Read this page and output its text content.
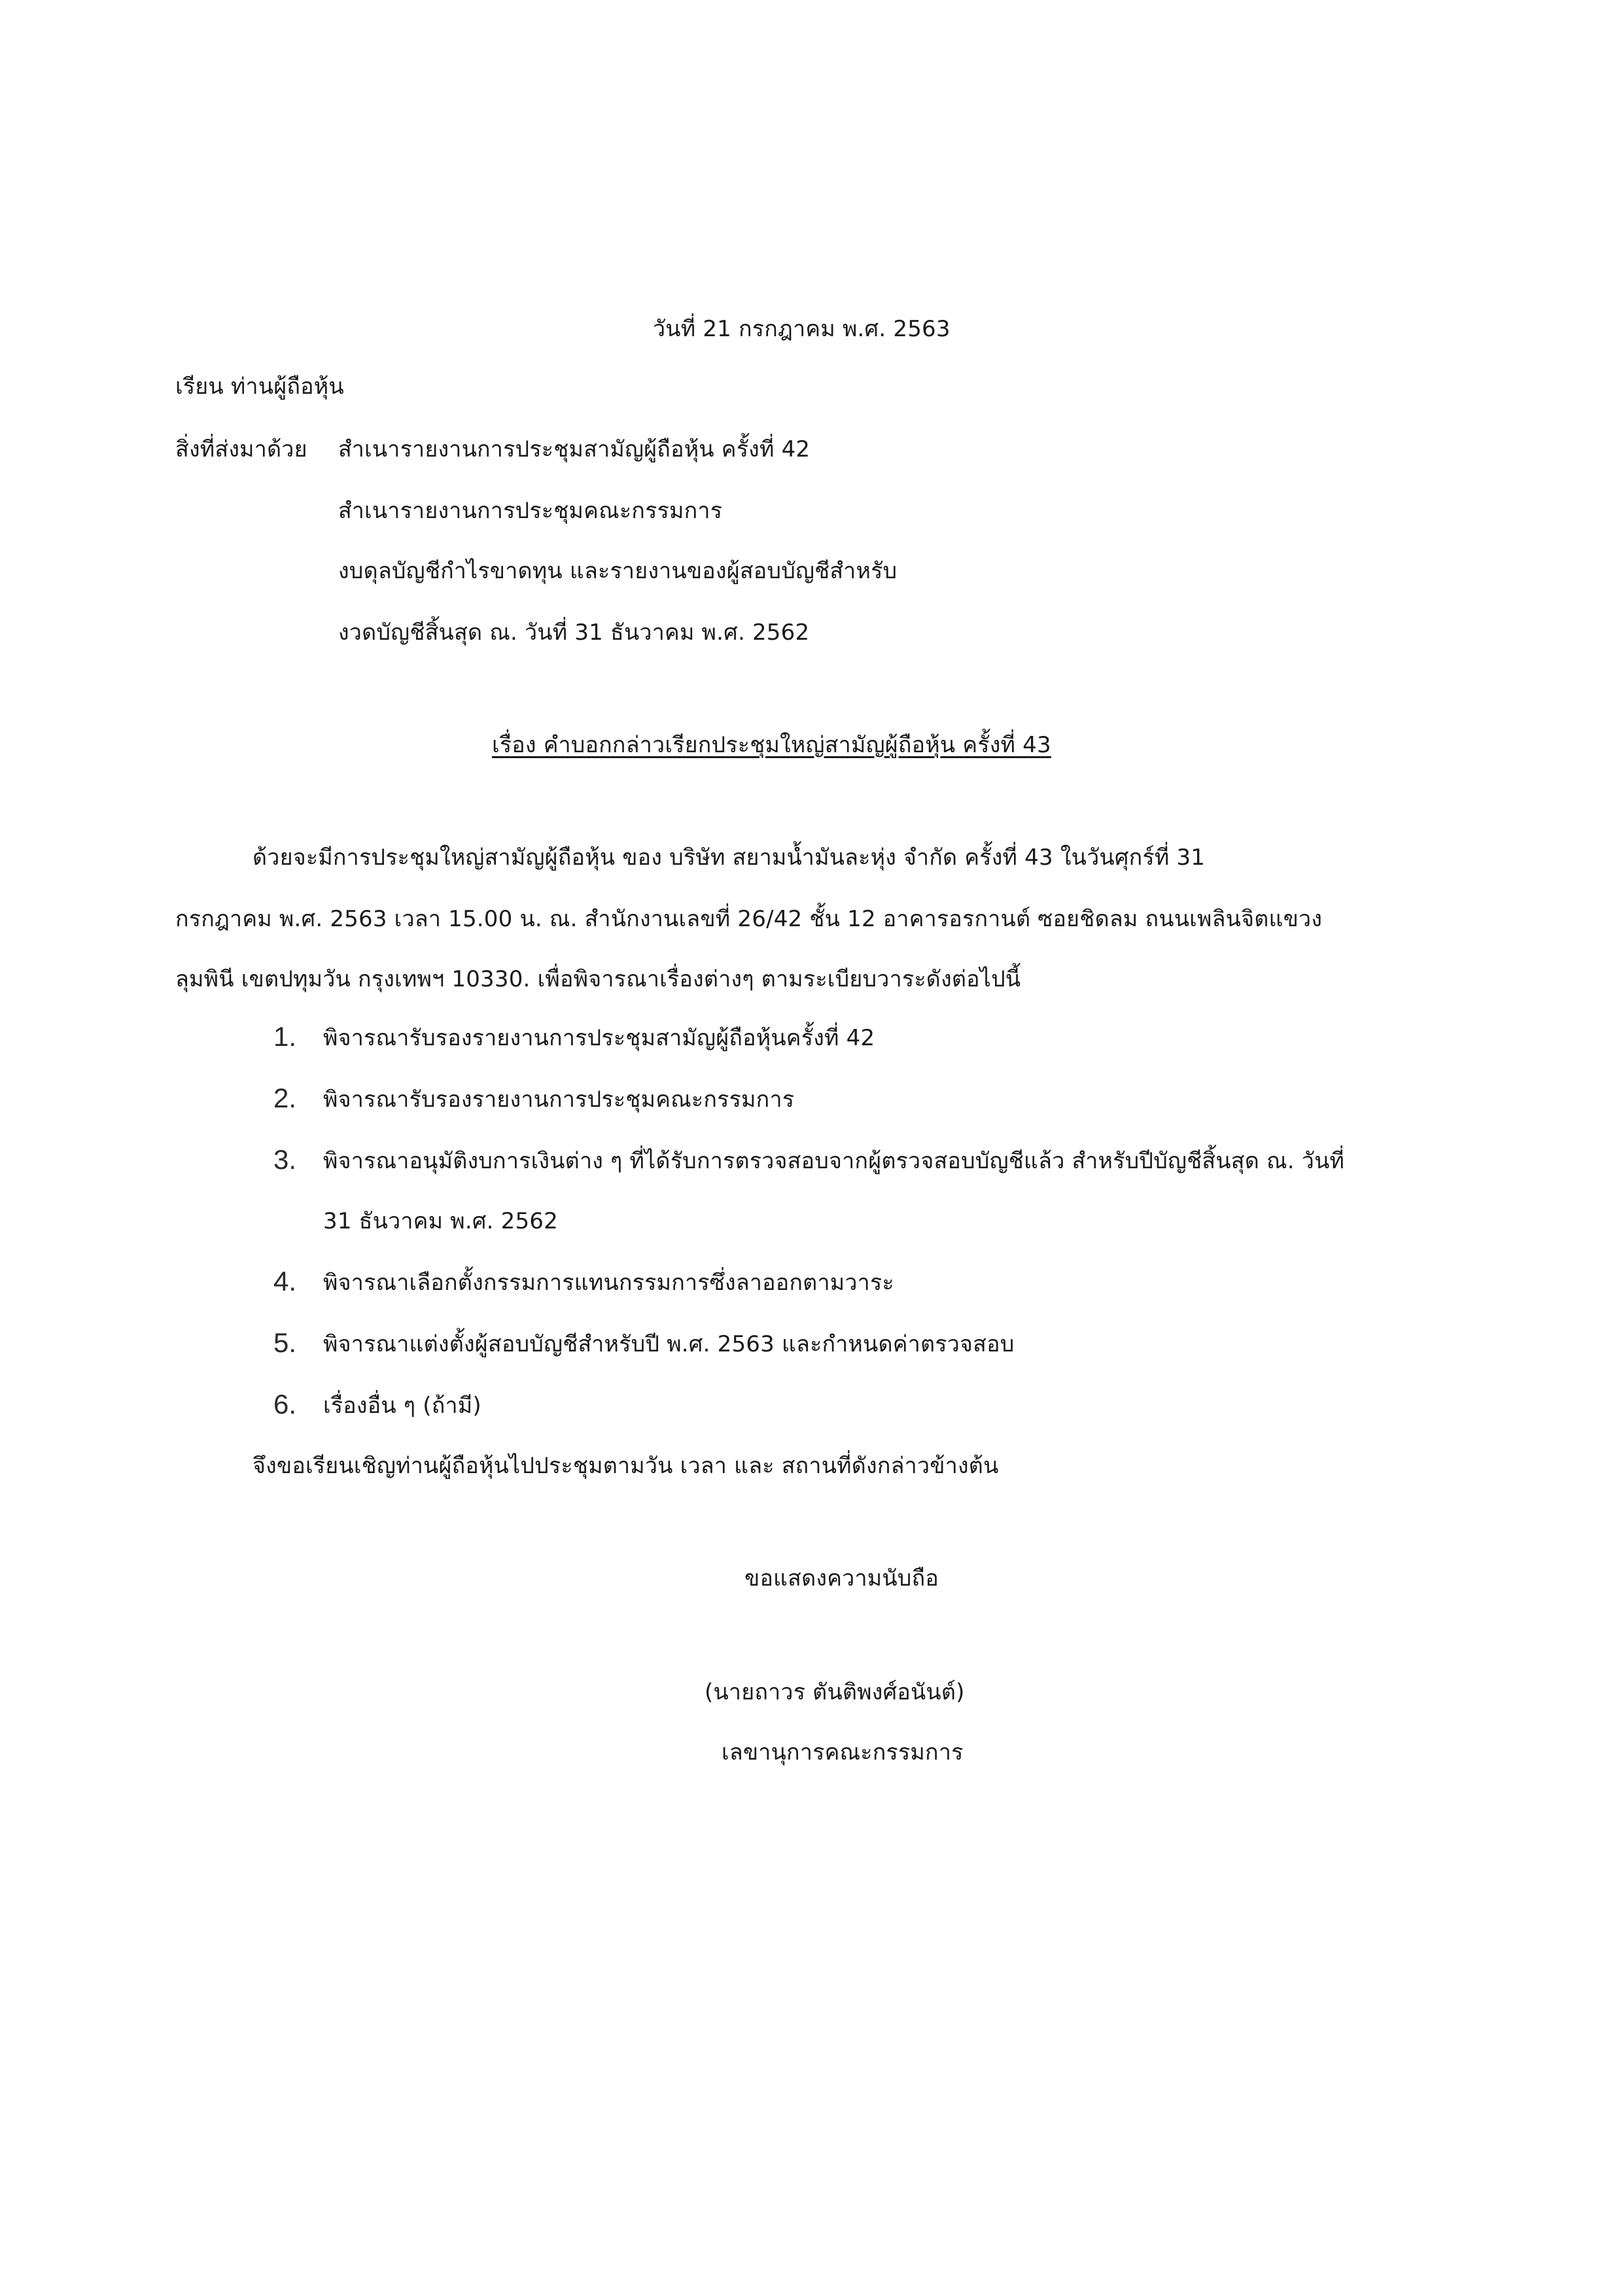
วันที่ 21 กรกฎาคม พ.ศ. 2563
เรียน ท่านผู้ถือหุ้น
สิ่งที่ส่งมาด้วย สำเนารายงานการประชุมสามัญผู้ถือหุ้น ครั้งที่ 42
สำเนารายงานการประชุมคณะกรรมการ
งบดุลบัญชีกำไรขาดทุน และรายงานของผู้สอบบัญชีสำหรับ
งวดบัญชีสิ้นสุด ณ. วันที่ 31 ธันวาคม พ.ศ. 2562
เรื่อง คำบอกกล่าวเรียกประชุมใหญ่สามัญผู้ถือหุ้น ครั้งที่ 43
ด้วยจะมีการประชุมใหญ่สามัญผู้ถือหุ้น ของ บริษัท สยามน้ำมันละหุ่ง จำกัด ครั้งที่ 43 ในวันศุกร์ที่ 31
กรกฎาคม พ.ศ. 2563 เวลา 15.00 น. ณ. สำนักงานเลขที่ 26/42 ชั้น 12 อาคารอรกานต์ ซอยชิดลม ถนนเพลินจิตแขวง
ลุมพินี เขตปทุมวัน กรุงเทพฯ 10330. เพื่อพิจารณาเรื่องต่างๆ ตามระเบียบวาระดังต่อไปนี้
1. พิจารณารับรองรายงานการประชุมสามัญผู้ถือหุ้นครั้งที่ 42
2. พิจารณารับรองรายงานการประชุมคณะกรรมการ
3. พิจารณาอนุมัติงบการเงินต่าง ๆ ที่ได้รับการตรวจสอบจากผู้ตรวจสอบบัญชีแล้ว สำหรับปีบัญชีสิ้นสุด ณ. วันที่
31 ธันวาคม พ.ศ. 2562
4. พิจารณาเลือกตั้งกรรมการแทนกรรมการซึ่งลาออกตามวาระ
5. พิจารณาแต่งตั้งผู้สอบบัญชีสำหรับปี พ.ศ. 2563 และกำหนดค่าตรวจสอบ
6. เรื่องอื่น ๆ (ถ้ามี)
จึงขอเรียนเชิญท่านผู้ถือหุ้นไปประชุมตามวัน เวลา และ สถานที่ดังกล่าวข้างต้น
ขอแสดงความนับถือ
(นายถาวร ตันติพงศ์อนันต์)
เลขานุการคณะกรรมการ
